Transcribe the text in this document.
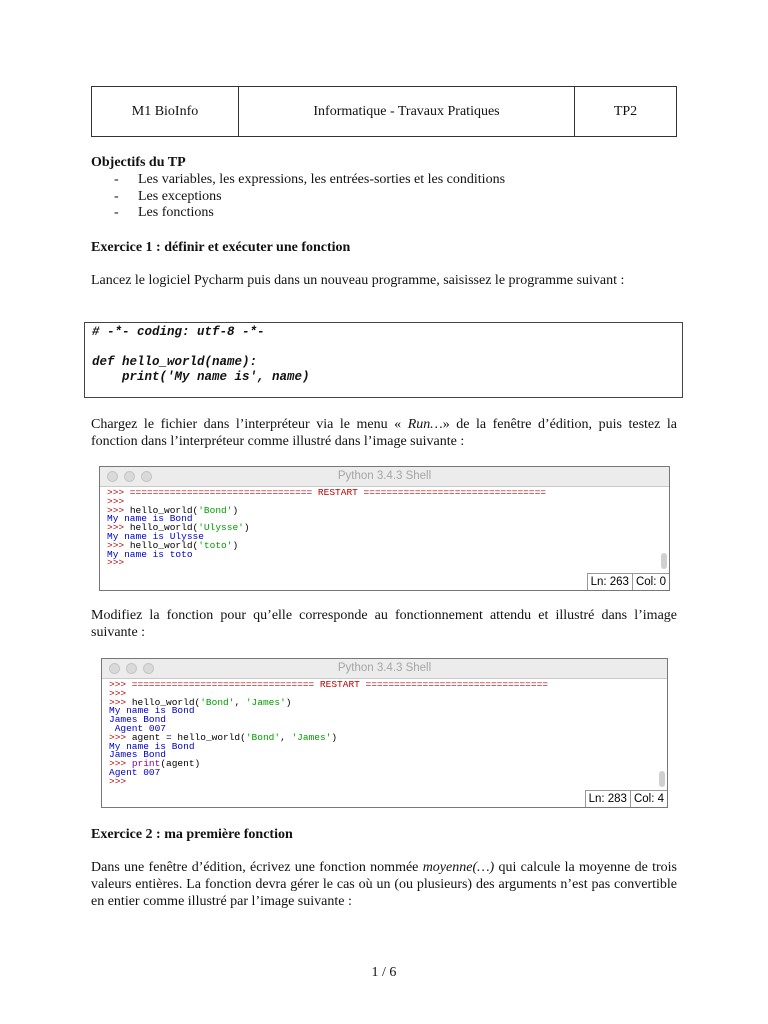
M1 BioInfo	Informatique - Travaux Pratiques	TP2
Objectifs du TP
-	Les variables, les expressions, les entrées-sorties et les conditions
-	Les exceptions
-	Les fonctions
Exercice 1 : définir et exécuter une fonction
Lancez le logiciel Pycharm puis dans un nouveau programme, saisissez le programme suivant :
# -*- coding: utf-8 -*-
def hello_world(name):
print('My name is', name)
Chargez le fichier dans l’interpréteur via le menu « Run…» de la fenêtre d’édition, puis testez la fonction dans l’interpréteur comme illustré dans l’image suivante :
Python 3.4.3 Shell
>>> ================================ RESTART ================================
>>>
>>> hello_world('Bond')
My name is Bond
>>> hello_world('Ulysse')
My name is Ulysse
>>> hello_world('toto')
My name is toto
>>>
Ln: 263 Col: 0
Modifiez la fonction pour qu’elle corresponde au fonctionnement attendu et illustré dans l’image suivante :
Python 3.4.3 Shell
>>> ================================ RESTART ================================
>>>
>>> hello_world('Bond', 'James')
My name is Bond
James Bond
Agent 007
>>> agent = hello_world('Bond', 'James')
My name is Bond
James Bond
>>> print(agent)
Agent 007
>>>
Ln: 283 Col: 4
Exercice 2 : ma première fonction
Dans une fenêtre d’édition, écrivez une fonction nommée moyenne(…) qui calcule la moyenne de trois valeurs entières. La fonction devra gérer le cas où un (ou plusieurs) des arguments n’est pas convertible en entier comme illustré par l’image suivante :
1 / 6
